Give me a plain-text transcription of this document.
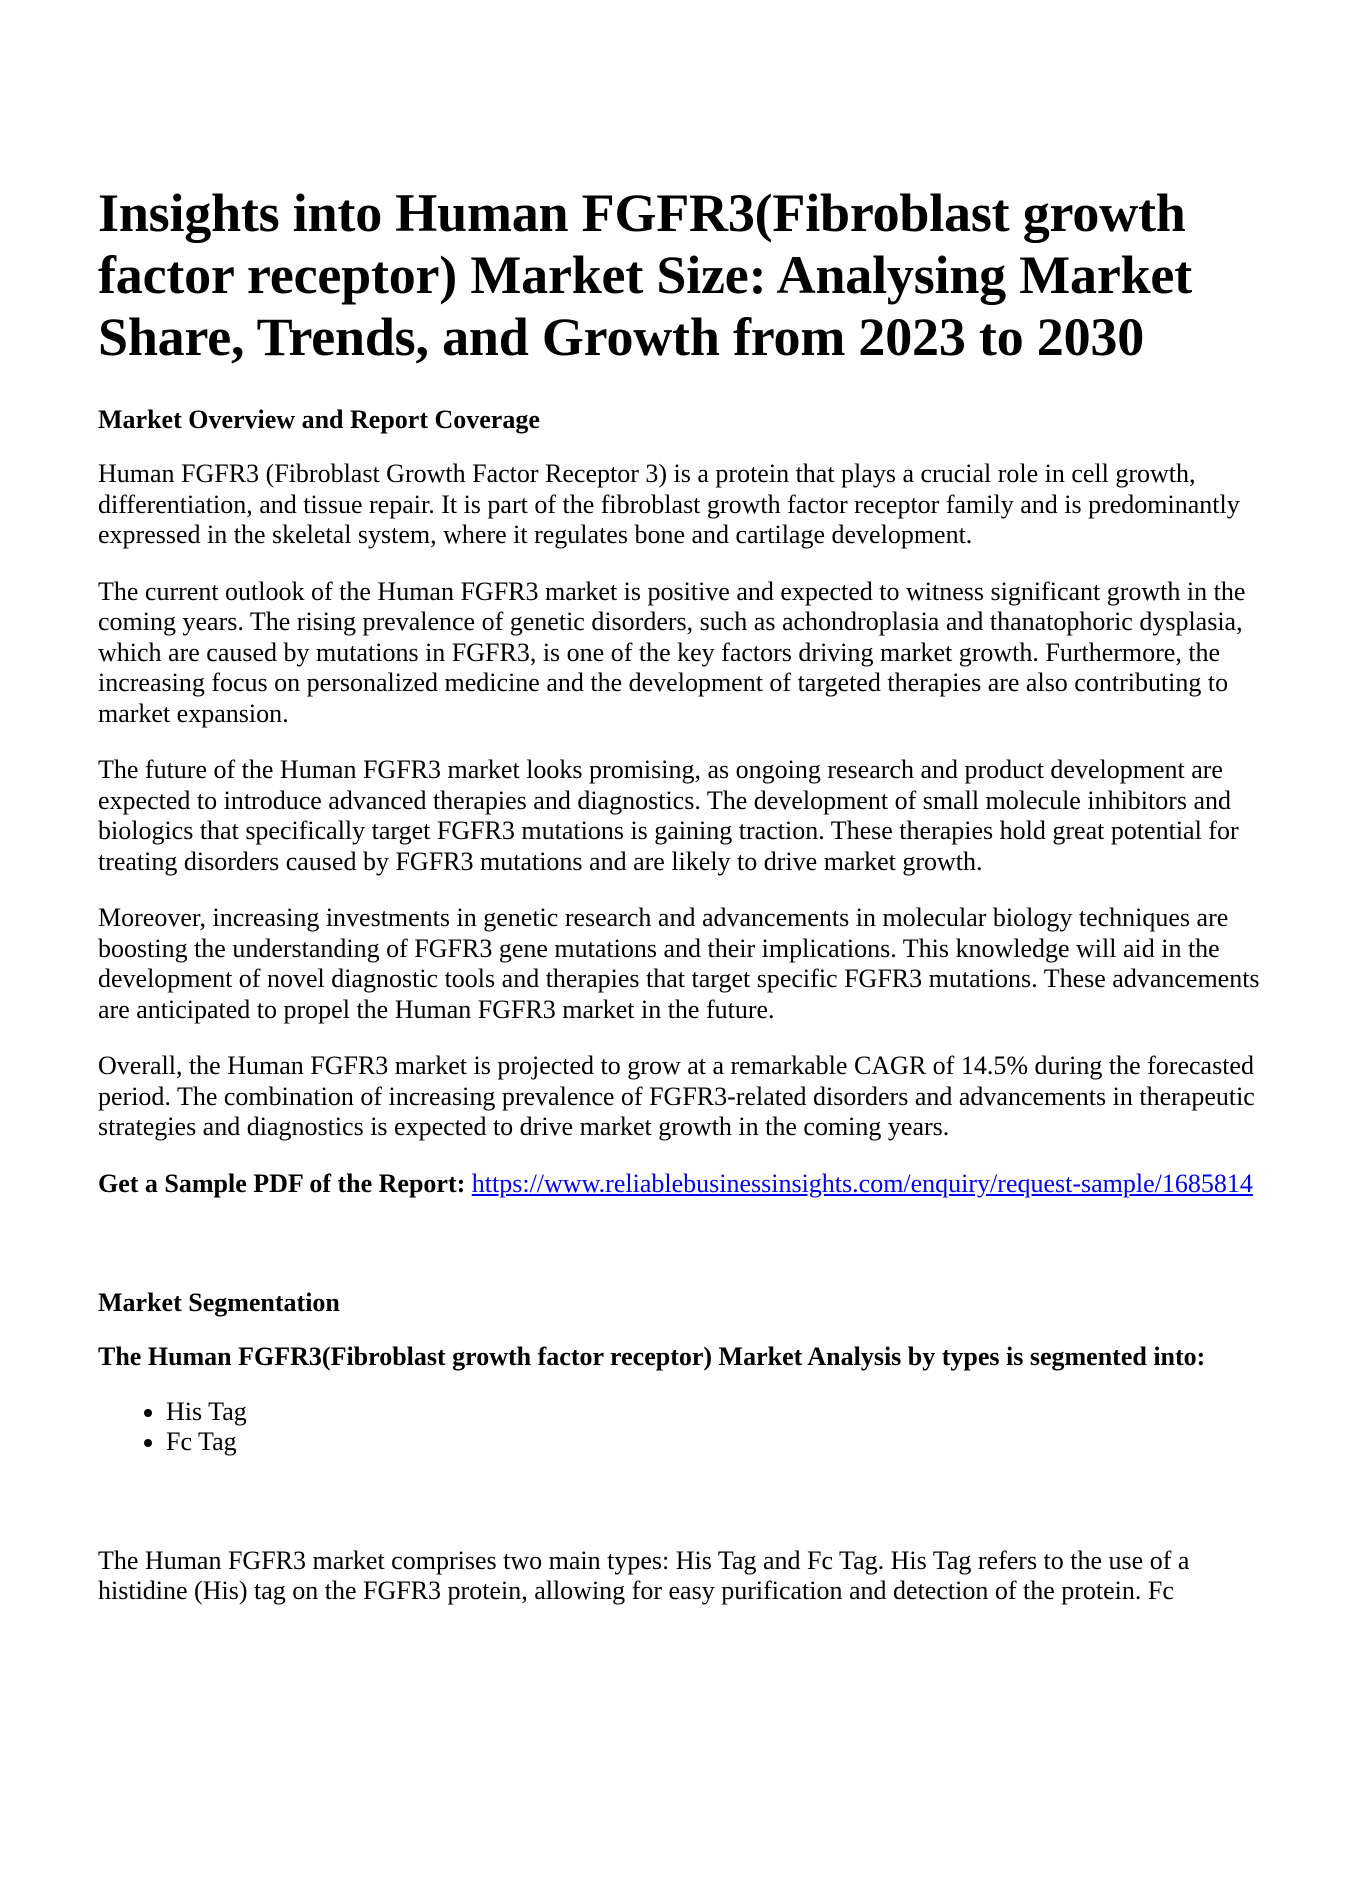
Insights into Human FGFR3(Fibroblast growth factor receptor) Market Size: Analysing Market Share, Trends, and Growth from 2023 to 2030
Market Overview and Report Coverage

Human FGFR3 (Fibroblast Growth Factor Receptor 3) is a protein that plays a crucial role in cell growth, differentiation, and tissue repair. It is part of the fibroblast growth factor receptor family and is predominantly expressed in the skeletal system, where it regulates bone and cartilage development.

The current outlook of the Human FGFR3 market is positive and expected to witness significant growth in the coming years. The rising prevalence of genetic disorders, such as achondroplasia and thanatophoric dysplasia, which are caused by mutations in FGFR3, is one of the key factors driving market growth. Furthermore, the increasing focus on personalized medicine and the development of targeted therapies are also contributing to market expansion.

The future of the Human FGFR3 market looks promising, as ongoing research and product development are expected to introduce advanced therapies and diagnostics. The development of small molecule inhibitors and biologics that specifically target FGFR3 mutations is gaining traction. These therapies hold great potential for treating disorders caused by FGFR3 mutations and are likely to drive market growth.

Moreover, increasing investments in genetic research and advancements in molecular biology techniques are boosting the understanding of FGFR3 gene mutations and their implications. This knowledge will aid in the development of novel diagnostic tools and therapies that target specific FGFR3 mutations. These advancements are anticipated to propel the Human FGFR3 market in the future.

Overall, the Human FGFR3 market is projected to grow at a remarkable CAGR of 14.5% during the forecasted period. The combination of increasing prevalence of FGFR3-related disorders and advancements in therapeutic strategies and diagnostics is expected to drive market growth in the coming years.

Get a Sample PDF of the Report: https://www.reliablebusinessinsights.com/enquiry/request-sample/1685814

Market Segmentation
The Human FGFR3(Fibroblast growth factor receptor) Market Analysis by types is segmented into:
• His Tag
• Fc Tag

The Human FGFR3 market comprises two main types: His Tag and Fc Tag. His Tag refers to the use of a histidine (His) tag on the FGFR3 protein, allowing for easy purification and detection of the protein. Fc
